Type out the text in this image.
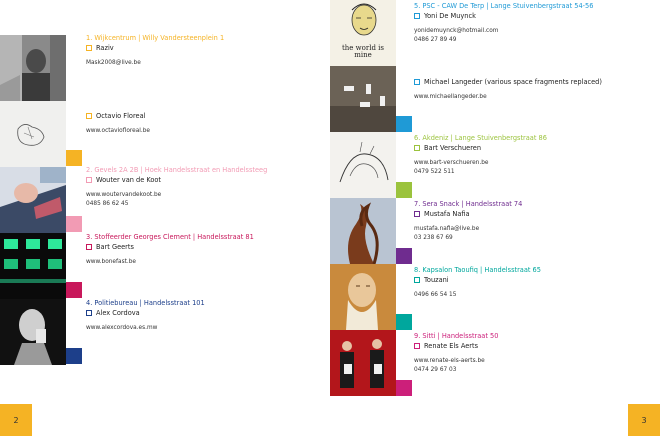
1. Wijkcentrum | Willy Vandersteenplein 1
Raziv
Mask2008@live.be
Octavio Floreal
www.octaviofloreal.be
2. Gevels 2A 2B | Hoek Handelsstraat en Handelssteeg
Wouter van de Koot
www.woutervandekoot.be
0485 86 62 45
3. Stoffeerder Georges Clement | Handelsstraat 81
Bart Geerts
www.bonefast.be
4. Politiebureau | Handelsstraat 101
Alex Cordova
www.alexcordova.es.mw
2
the world is mine
5. PSC - CAW De Terp | Lange Stuivenbergstraat 54-56
Yoni De Muynck
yonidemuynck@hotmail.com
0486 27 89 49
Michael Langeder (various space fragments replaced)
www.michaellangeder.be
6. Akdeniz | Lange Stuivenbergstraat 86
Bart Verschueren
www.bart-verschueren.be
0479 522 511
7. Sera Snack | Handelsstraat 74
Mustafa Nafia
mustafa.nafia@live.be
03 238 67 69
8. Kapsalon Taoufiq | Handelsstraat 65
Touzani
0496 66 54 15
9. Sitti | Handelsstraat 50
Renate Els Aerts
www.renate-els-aerts.be
0474 29 67 03
3
